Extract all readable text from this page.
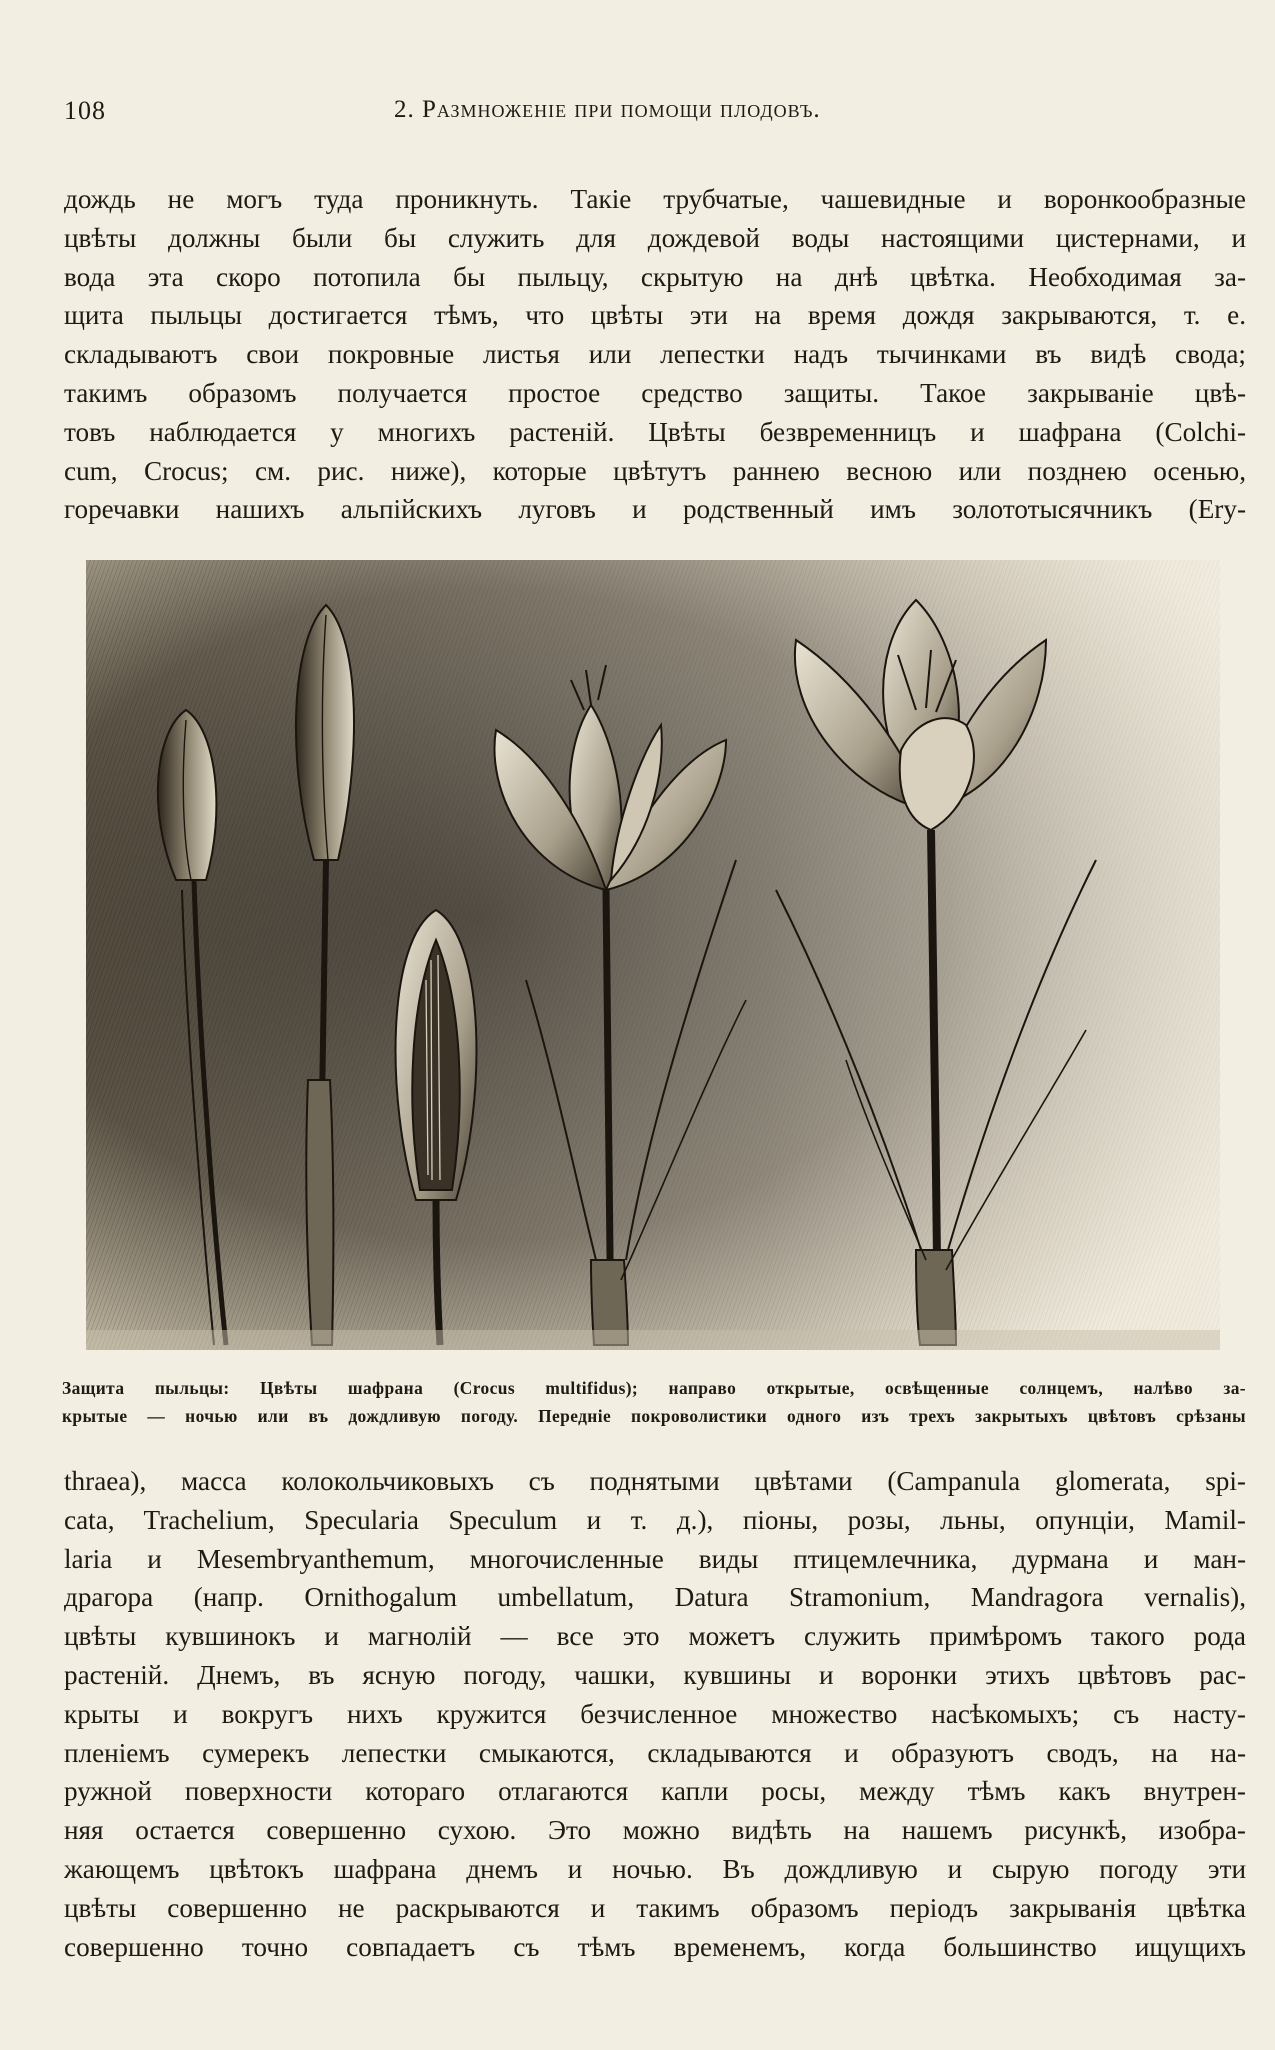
108	2. Размноженіе при помощи плодовъ.
дождь не могъ туда проникнуть. Такіе трубчатые, чашевидные и воронкообразные
цвѣты должны были бы служить для дождевой воды настоящими цистернами, и
вода эта скоро потопила бы пыльцу, скрытую на днѣ цвѣтка. Необходимая за-
щита пыльцы достигается тѣмъ, что цвѣты эти на время дождя закрываются, т. е.
складываютъ свои покровные листья или лепестки надъ тычинками въ видѣ свода;
такимъ образомъ получается простое средство защиты. Такое закрываніе цвѣ-
товъ наблюдается у многихъ растеній. Цвѣты безвременницъ и шафрана (Colchi-
cum, Crocus; см. рис. ниже), которые цвѣтутъ раннею весною или позднею осенью,
горечавки нашихъ альпійскихъ луговъ и родственный имъ золототысячникъ (Ery-
Защита пыльцы: Цвѣты шафрана (Crocus multifidus); направо открытые, освѣщенные солнцемъ, налѣво за-
крытые — ночью или въ дождливую погоду. Передніе покроволистики одного изъ трехъ закрытыхъ цвѣтовъ срѣзаны
thraea), масса колокольчиковыхъ съ поднятыми цвѣтами (Campanula glomerata, spi-
cata, Trachelium, Specularia Speculum и т. д.), піоны, розы, льны, опунціи, Mamil-
laria и Mesembryanthemum, многочисленные виды птицемлечника, дурмана и ман-
драгора (напр. Ornithogalum umbellatum, Datura Stramonium, Mandragora vernalis),
цвѣты кувшинокъ и магнолій — все это можетъ служить примѣромъ такого рода
растеній. Днемъ, въ ясную погоду, чашки, кувшины и воронки этихъ цвѣтовъ рас-
крыты и вокругъ нихъ кружится безчисленное множество насѣкомыхъ; съ насту-
пленіемъ сумерекъ лепестки смыкаются, складываются и образуютъ сводъ, на на-
ружной поверхности котораго отлагаются капли росы, между тѣмъ какъ внутрен-
няя остается совершенно сухою. Это можно видѣть на нашемъ рисункѣ, изобра-
жающемъ цвѣтокъ шафрана днемъ и ночью. Въ дождливую и сырую погоду эти
цвѣты совершенно не раскрываются и такимъ образомъ періодъ закрыванія цвѣтка
совершенно точно совпадаетъ съ тѣмъ временемъ, когда большинство ищущихъ
